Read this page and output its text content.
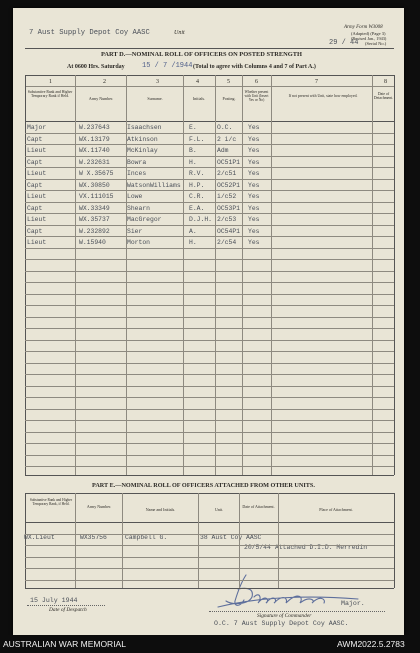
7 Aust Supply Depot Coy AASC	Unit
Army Form W3008
(Adapted) (Page 3)
(Revised Jan., 1943)
29 / 44 (Serial No.)
PART D.—NOMINAL ROLL OF OFFICERS ON POSTED STRENGTH
At 0600 Hrs. Saturday 15 / 7 /1944 (Total to agree with Columns 4 and 7 of Part A.)
1	2	3	4	5	6	7	8
Substantive Rank and Higher Temporary Rank if Held.	Army Number.	Surname.	Initials.	Posting.
Whether present with Unit (Insert Yes or No)
If not present with Unit, state how employed.	Date of Detachment.
Major	W.237643	Isaachsen	E.	O.C. Yes
Capt	WX.13179	Atkinson	F.L. 2 i/c Yes
Lieut	WX.11740	McKinlay	B.	Adm	Yes
Capt	W.232631	Bowra	H.	OC51P1 Yes
Lieut	W X.35675 Inces	R.V. 2/c51 Yes
Capt	WX.30850	WatsonWilliams H.P. OC52P1 Yes
Lieut	VX.111015 Lowe	C.R. i/c52 Yes
Capt	WX.33349	Shearn	E.A. OC53P1 Yes
Lieut	WX.35737	MacGregor	D.J.H. 2/c53 Yes
Capt	W.232892	Sier	A.	OC54P1 Yes
Lieut	W.15940	Morton	H.	2/c54 Yes
PART E.—NOMINAL ROLL OF OFFICERS ATTACHED FROM OTHER UNITS.
Substantive Rank and Higher Temporary Rank, if Held.	Army Number.
Name and Initials.	Unit.
Date of Attachment.
Place of Attachment.
WX.Lieut	WX35756	Campbell G.	38 Aust Coy AASC
20/5/44 Attached D.I.D. Merredin
15 July 1944
Date of Despatch
Major.
Signature of Commander
O.C. 7 Aust Supply Depot Coy AASC.
AUSTRALIAN WAR MEMORIAL	AWM2022.5.2783
